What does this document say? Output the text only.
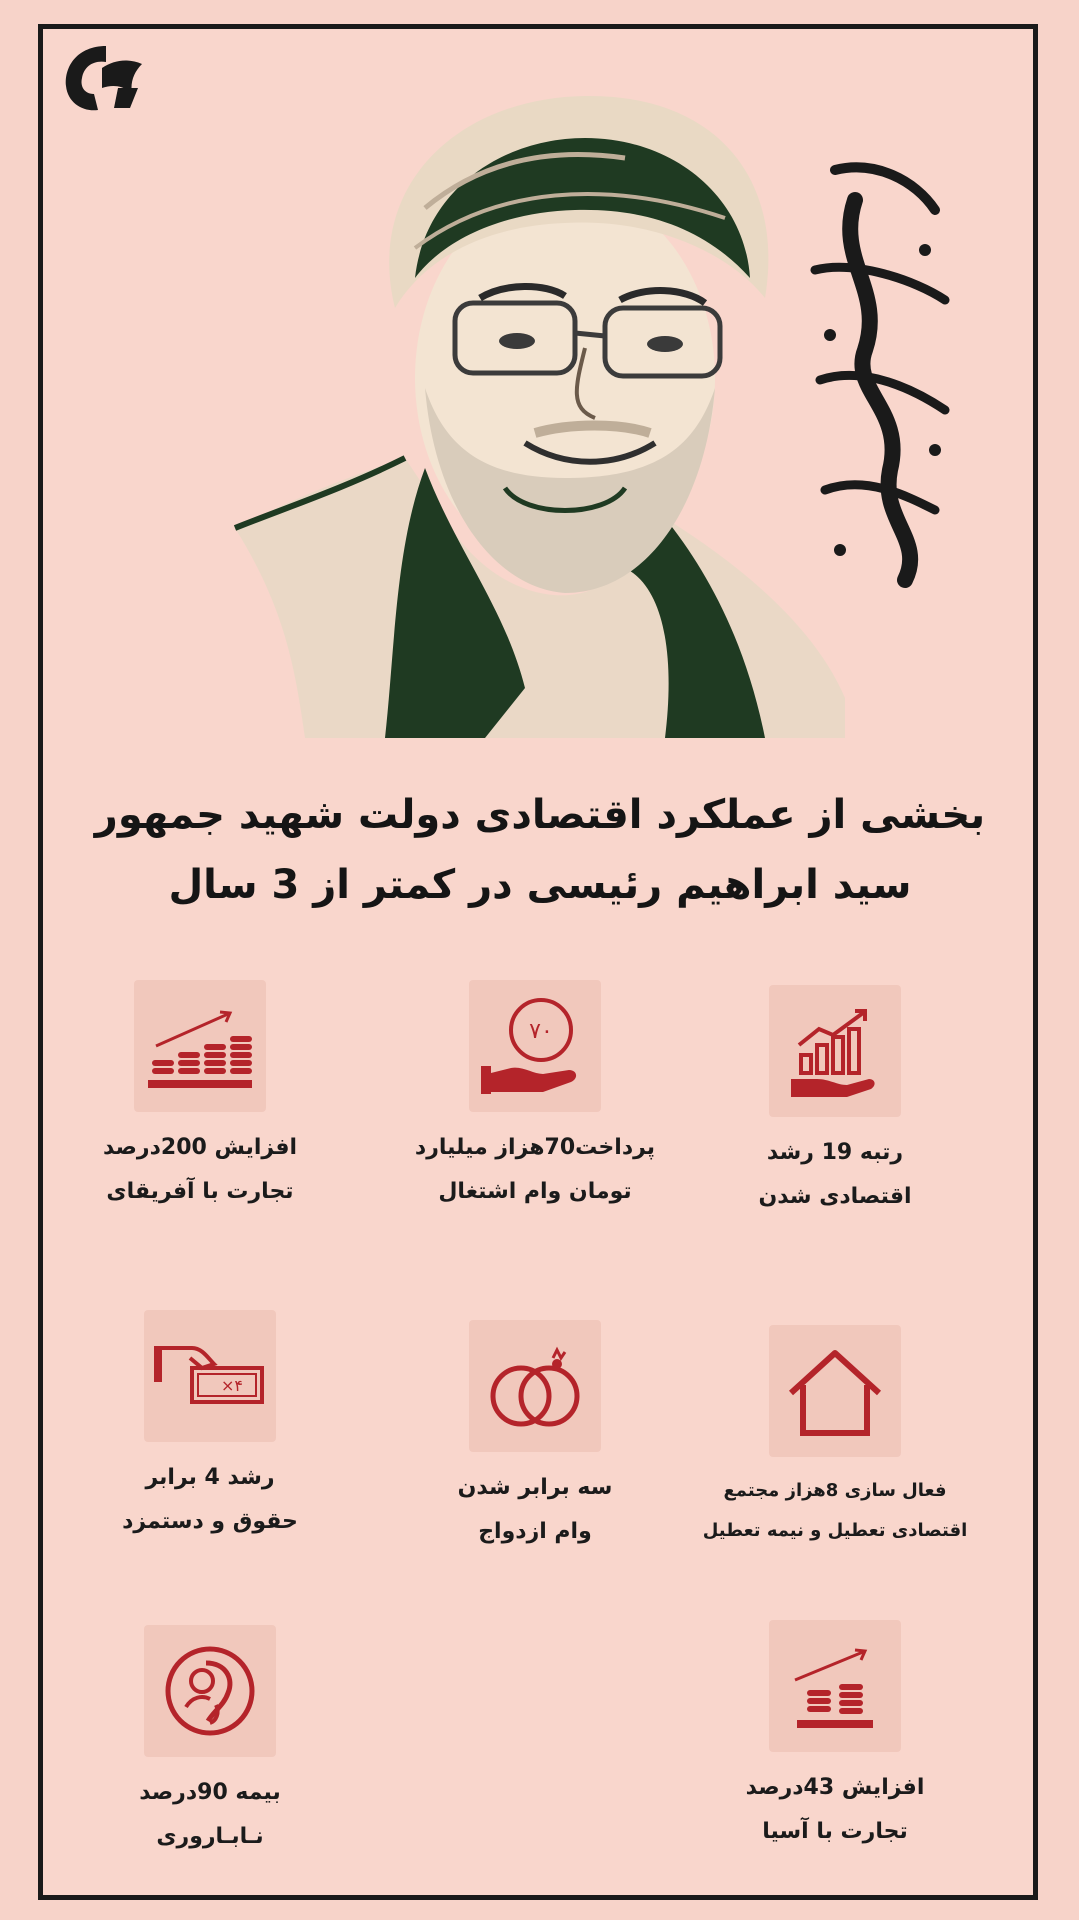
بخشی از عملکرد اقتصادی دولت شهید جمهور
سید ابراهیم رئیسی در کمتر از 3 سال
رتبه 19 رشد
اقتصادی شدن
٧٠
پرداخت70هزاز میلیارد
تومان وام اشتغال
افزایش 200درصد
تجارت با آفریقای
فعال سازی 8هزاز مجتمع
اقتصادی تعطیل و نیمه تعطیل
سه برابر شدن
وام ازدواج
×۴
رشد 4 برابر
حقوق و دستمزد
افزایش 43درصد
تجارت با آسیا
بیمه 90درصد
نـابـاروری
